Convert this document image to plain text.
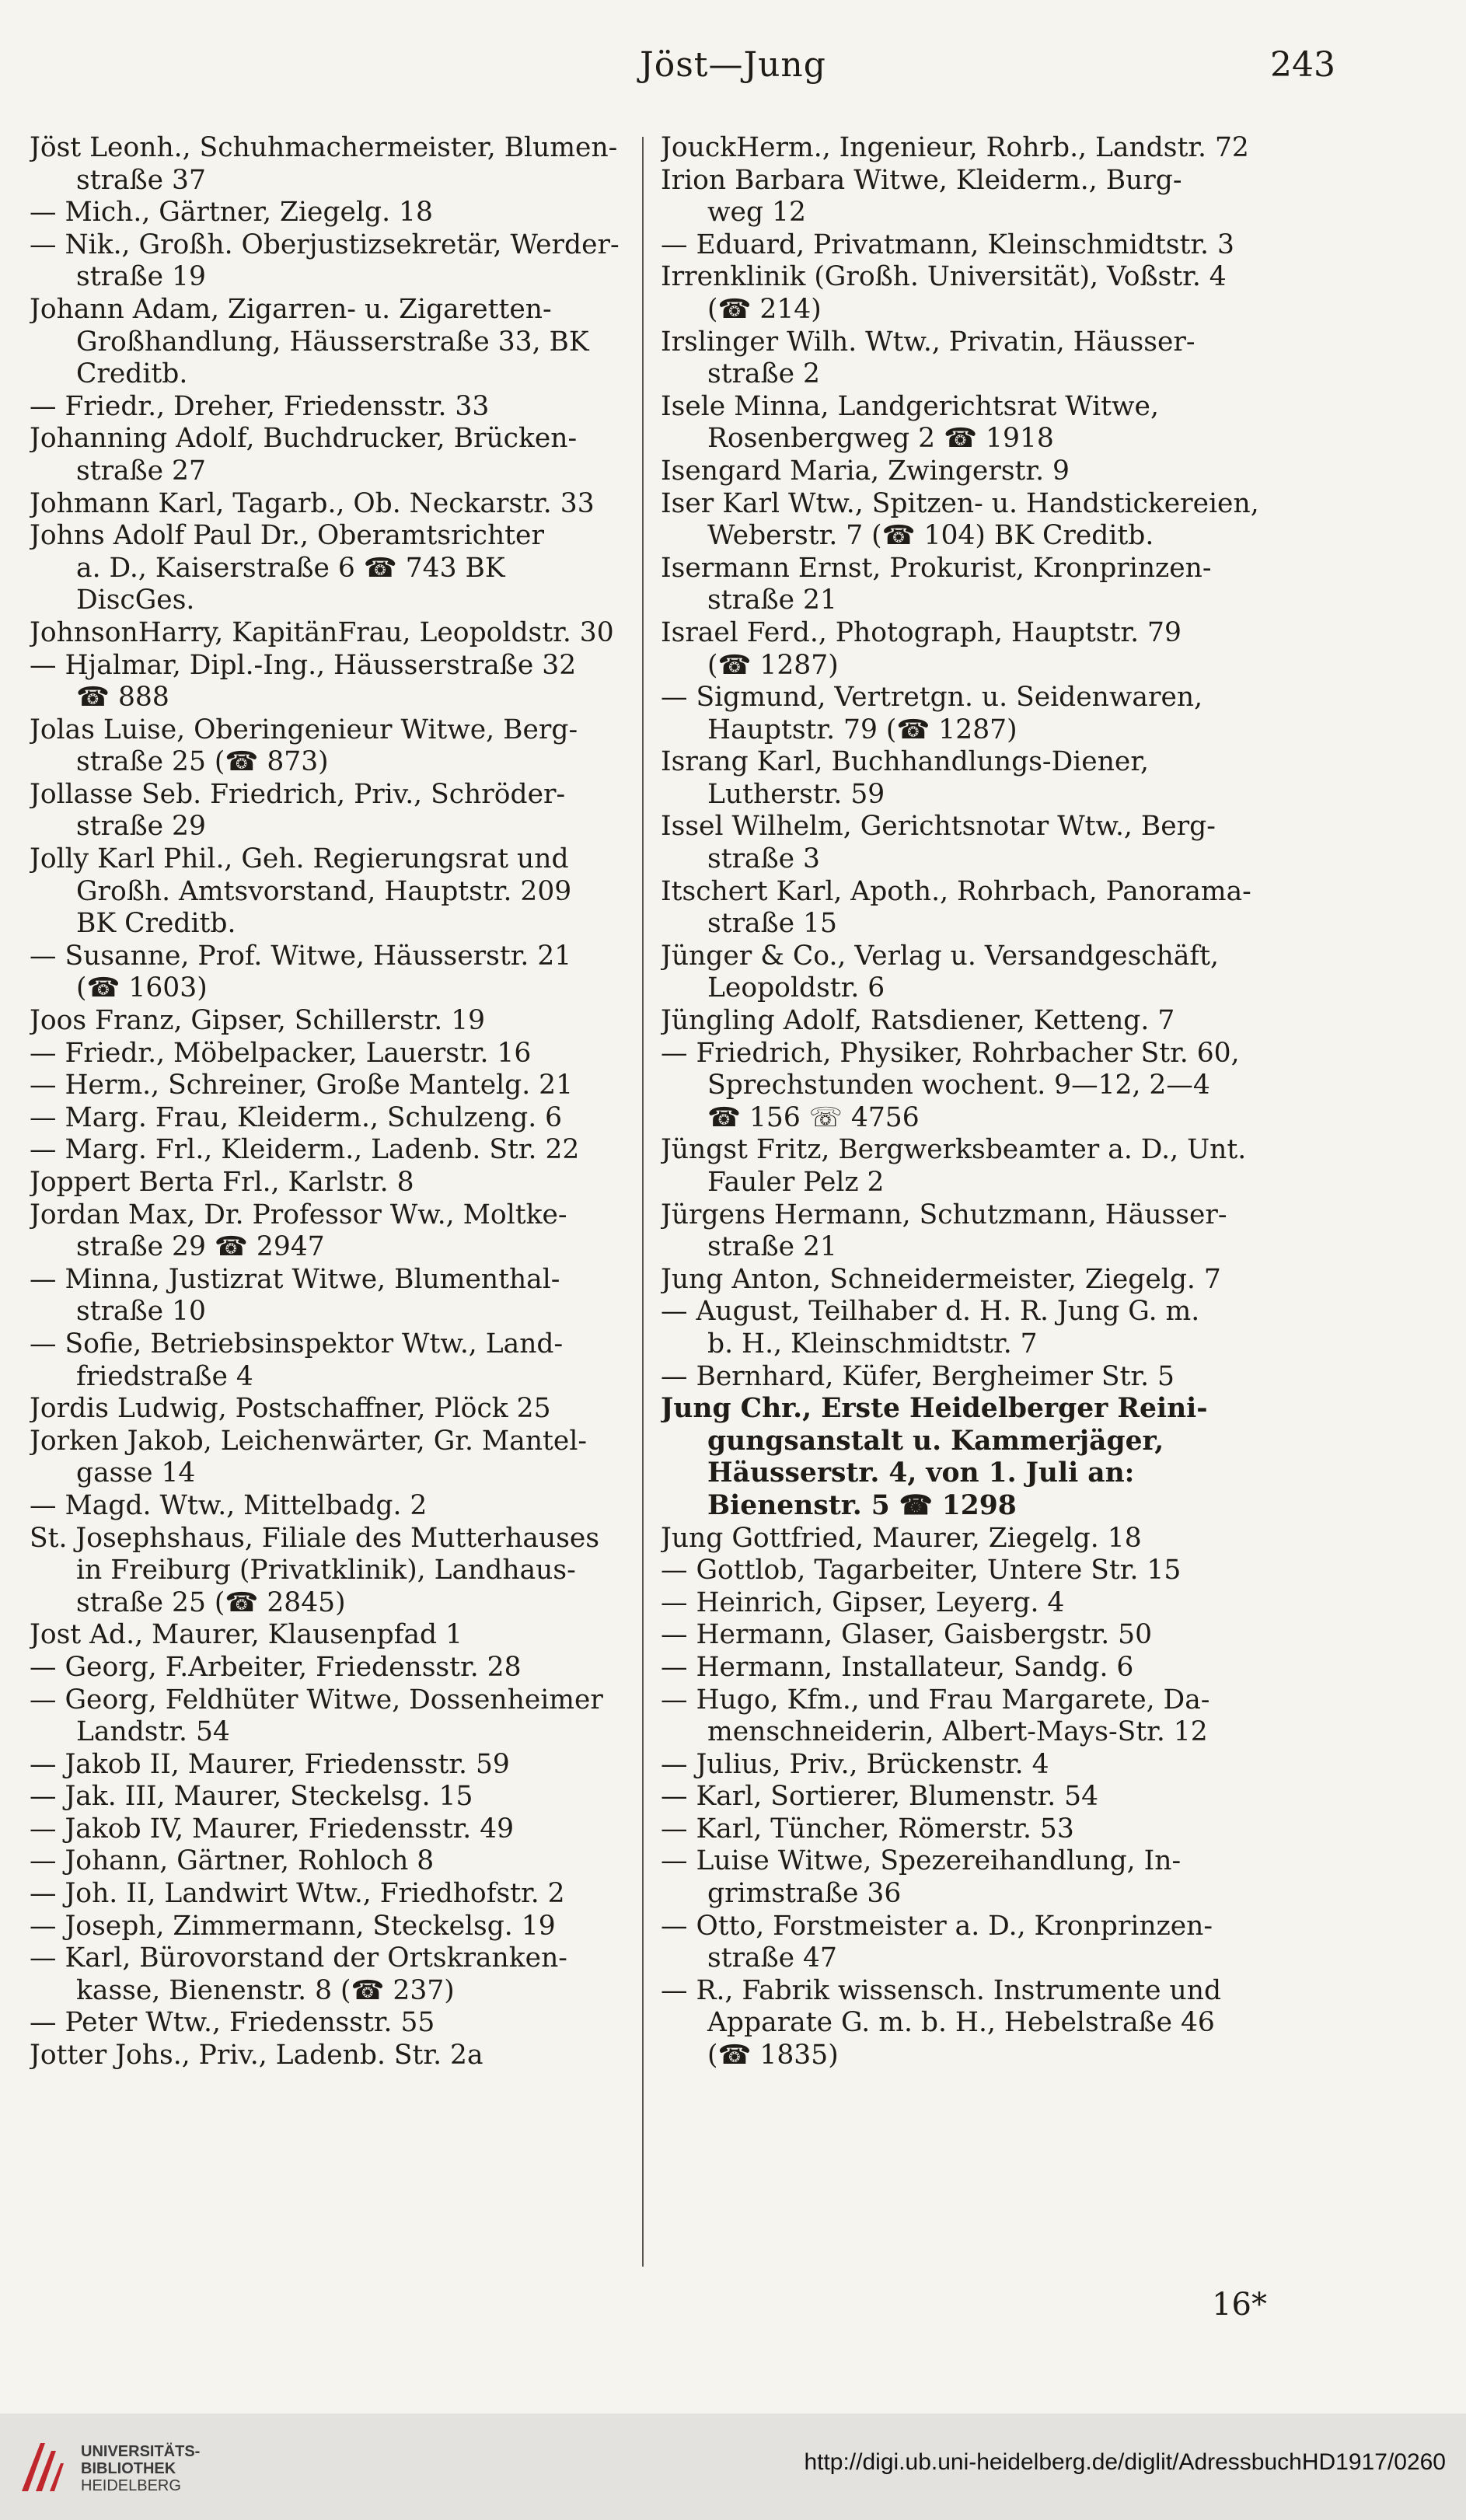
Jöst—Jung	243
Jöst Leonh., Schuhmachermeister, Blumen-
straße 37
— Mich., Gärtner, Ziegelg. 18
— Nik., Großh. Oberjustizsekretär, Werder-
straße 19
Johann Adam, Zigarren- u. Zigaretten-
Großhandlung, Häusserstraße 33, BK
Creditb.
— Friedr., Dreher, Friedensstr. 33
Johanning Adolf, Buchdrucker, Brücken-
straße 27
Johmann Karl, Tagarb., Ob. Neckarstr. 33
Johns Adolf Paul Dr., Oberamtsrichter
a. D., Kaiserstraße 6 ☎ 743 BK
DiscGes.
JohnsonHarry, KapitänFrau, Leopoldstr. 30
— Hjalmar, Dipl.-Ing., Häusserstraße 32
☎ 888
Jolas Luise, Oberingenieur Witwe, Berg-
straße 25 (☎ 873)
Jollasse Seb. Friedrich, Priv., Schröder-
straße 29
Jolly Karl Phil., Geh. Regierungsrat und
Großh. Amtsvorstand, Hauptstr. 209
BK Creditb.
— Susanne, Prof. Witwe, Häusserstr. 21
(☎ 1603)
Joos Franz, Gipser, Schillerstr. 19
— Friedr., Möbelpacker, Lauerstr. 16
— Herm., Schreiner, Große Mantelg. 21
— Marg. Frau, Kleiderm., Schulzeng. 6
— Marg. Frl., Kleiderm., Ladenb. Str. 22
Joppert Berta Frl., Karlstr. 8
Jordan Max, Dr. Professor Ww., Moltke-
straße 29 ☎ 2947
— Minna, Justizrat Witwe, Blumenthal-
straße 10
— Sofie, Betriebsinspektor Wtw., Land-
friedstraße 4
Jordis Ludwig, Postschaffner, Plöck 25
Jorken Jakob, Leichenwärter, Gr. Mantel-
gasse 14
— Magd. Wtw., Mittelbadg. 2
St. Josephshaus, Filiale des Mutterhauses
in Freiburg (Privatklinik), Landhaus-
straße 25 (☎ 2845)
Jost Ad., Maurer, Klausenpfad 1
— Georg, F.Arbeiter, Friedensstr. 28
— Georg, Feldhüter Witwe, Dossenheimer
Landstr. 54
— Jakob II, Maurer, Friedensstr. 59
— Jak. III, Maurer, Steckelsg. 15
— Jakob IV, Maurer, Friedensstr. 49
— Johann, Gärtner, Rohloch 8
— Joh. II, Landwirt Wtw., Friedhofstr. 2
— Joseph, Zimmermann, Steckelsg. 19
— Karl, Bürovorstand der Ortskranken-
kasse, Bienenstr. 8 (☎ 237)
— Peter Wtw., Friedensstr. 55
Jotter Johs., Priv., Ladenb. Str. 2a
JouckHerm., Ingenieur, Rohrb., Landstr. 72
Irion Barbara Witwe, Kleiderm., Burg-
weg 12
— Eduard, Privatmann, Kleinschmidtstr. 3
Irrenklinik (Großh. Universität), Voßstr. 4
(☎ 214)
Irslinger Wilh. Wtw., Privatin, Häusser-
straße 2
Isele Minna, Landgerichtsrat Witwe,
Rosenbergweg 2 ☎ 1918
Isengard Maria, Zwingerstr. 9
Iser Karl Wtw., Spitzen- u. Handstickereien,
Weberstr. 7 (☎ 104) BK Creditb.
Isermann Ernst, Prokurist, Kronprinzen-
straße 21
Israel Ferd., Photograph, Hauptstr. 79
(☎ 1287)
— Sigmund, Vertretgn. u. Seidenwaren,
Hauptstr. 79 (☎ 1287)
Israng Karl, Buchhandlungs-Diener,
Lutherstr. 59
Issel Wilhelm, Gerichtsnotar Wtw., Berg-
straße 3
Itschert Karl, Apoth., Rohrbach, Panorama-
straße 15
Jünger & Co., Verlag u. Versandgeschäft,
Leopoldstr. 6
Jüngling Adolf, Ratsdiener, Ketteng. 7
— Friedrich, Physiker, Rohrbacher Str. 60,
Sprechstunden wochent. 9—12, 2—4
☎ 156 ☏ 4756
Jüngst Fritz, Bergwerksbeamter a. D., Unt.
Fauler Pelz 2
Jürgens Hermann, Schutzmann, Häusser-
straße 21
Jung Anton, Schneidermeister, Ziegelg. 7
— August, Teilhaber d. H. R. Jung G. m.
b. H., Kleinschmidtstr. 7
— Bernhard, Küfer, Bergheimer Str. 5
Jung Chr., Erste Heidelberger Reini-
gungsanstalt u. Kammerjäger,
Häusserstr. 4, von 1. Juli an:
Bienenstr. 5 ☎ 1298
Jung Gottfried, Maurer, Ziegelg. 18
— Gottlob, Tagarbeiter, Untere Str. 15
— Heinrich, Gipser, Leyerg. 4
— Hermann, Glaser, Gaisbergstr. 50
— Hermann, Installateur, Sandg. 6
— Hugo, Kfm., und Frau Margarete, Da-
menschneiderin, Albert-Mays-Str. 12
— Julius, Priv., Brückenstr. 4
— Karl, Sortierer, Blumenstr. 54
— Karl, Tüncher, Römerstr. 53
— Luise Witwe, Spezereihandlung, In-
grimstraße 36
— Otto, Forstmeister a. D., Kronprinzen-
straße 47
— R., Fabrik wissensch. Instrumente und
Apparate G. m. b. H., Hebelstraße 46
(☎ 1835)
16*
UNIVERSITÄTS-
BIBLIOTHEK
HEIDELBERG
http://digi.ub.uni-heidelberg.de/diglit/AdressbuchHD1917/0260
